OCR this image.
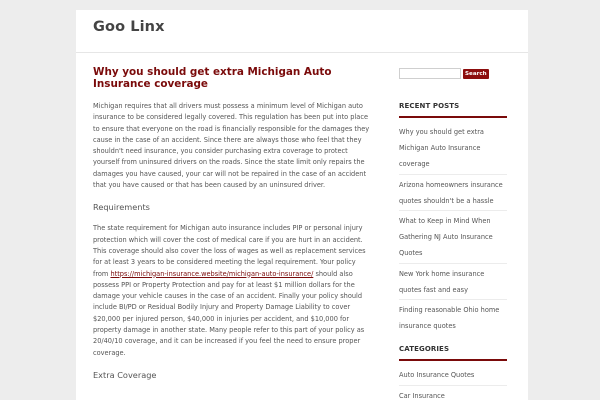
Goo Linx
Why you should get extra Michigan Auto Insurance coverage

Michigan requires that all drivers must possess a minimum level of Michigan auto insurance to be considered legally covered. This regulation has been put into place to ensure that everyone on the road is financially responsible for the damages they cause in the case of an accident. Since there are always those who feel that they shouldn't need insurance, you consider purchasing extra coverage to protect yourself from uninsured drivers on the roads. Since the state limit only repairs the damages you have caused, your car will not be repaired in the case of an accident that you have caused or that has been caused by an uninsured driver.

Requirements

The state requirement for Michigan auto insurance includes PIP or personal injury protection which will cover the cost of medical care if you are hurt in an accident. This coverage should also cover the loss of wages as well as replacement services for at least 3 years to be considered meeting the legal requirement. Your policy from https://michigan-insurance.website/michigan-auto-insurance/ should also possess PPI or Property Protection and pay for at least $1 million dollars for the damage your vehicle causes in the case of an accident. Finally your policy should include BI/PD or Residual Bodily Injury and Property Damage Liability to cover $20,000 per injured person, $40,000 in injuries per accident, and $10,000 for property damage in another state. Many people refer to this part of your policy as 20/40/10 coverage, and it can be increased if you feel the need to ensure proper coverage.

Extra Coverage

Search
RECENT POSTS
Why you should get extra Michigan Auto Insurance coverage
Arizona homeowners insurance quotes shouldn't be a hassle
What to Keep in Mind When Gathering NJ Auto Insurance Quotes
New York home insurance quotes fast and easy
Finding reasonable Ohio home insurance quotes
CATEGORIES
Auto Insurance Quotes
Car Insurance
